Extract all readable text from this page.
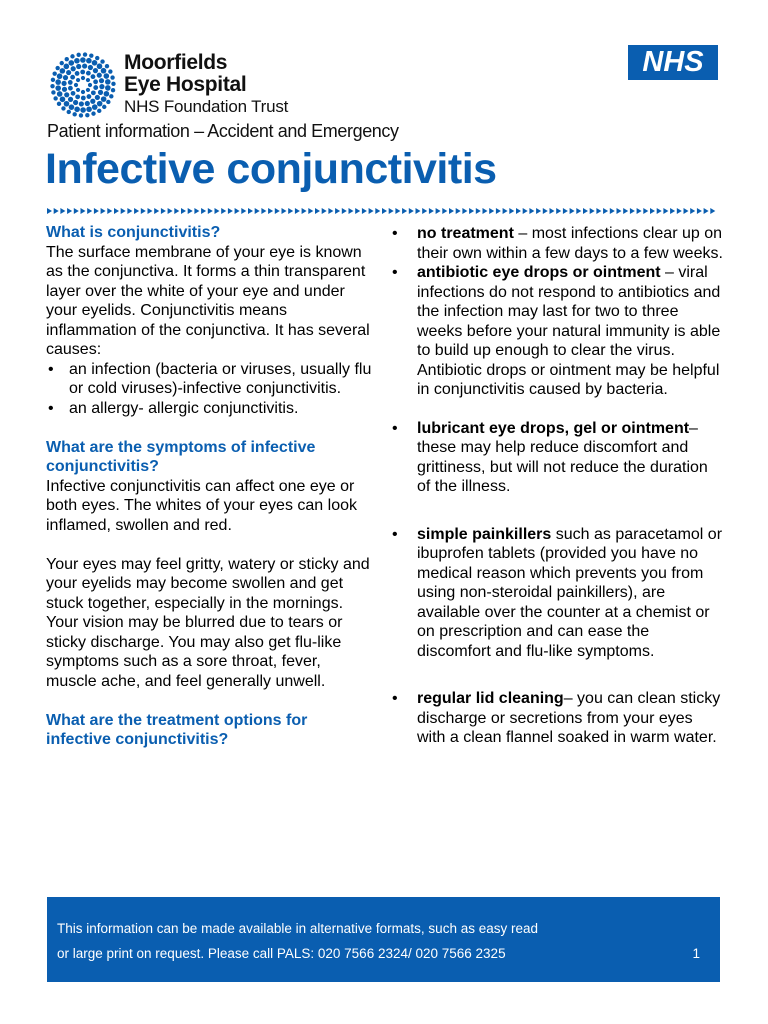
Moorfields
Eye Hospital
NHS Foundation Trust
NHS
Patient information – Accident and Emergency
Infective conjunctivitis

What is conjunctivitis?

The surface membrane of your eye is known as the conjunctiva. It forms a thin transparent layer over the white of your eye and under your eyelids. Conjunctivitis means inflammation of the conjunctiva. It has several causes:

• an infection (bacteria or viruses, usually flu or cold viruses)-infective conjunctivitis.
• an allergy- allergic conjunctivitis.

What are the symptoms of infective conjunctivitis?

Infective conjunctivitis can affect one eye or both eyes. The whites of your eyes can look inflamed, swollen and red.

Your eyes may feel gritty, watery or sticky and your eyelids may become swollen and get stuck together, especially in the mornings. Your vision may be blurred due to tears or sticky discharge. You may also get flu-like symptoms such as a sore throat, fever, muscle ache, and feel generally unwell.

What are the treatment options for infective conjunctivitis?

• no treatment – most infections clear up on their own within a few days to a few weeks.
• antibiotic eye drops or ointment – viral infections do not respond to antibiotics and the infection may last for two to three weeks before your natural immunity is able to build up enough to clear the virus. Antibiotic drops or ointment may be helpful in conjunctivitis caused by bacteria.
• lubricant eye drops, gel or ointment– these may help reduce discomfort and grittiness, but will not reduce the duration of the illness.
• simple painkillers such as paracetamol or ibuprofen tablets (provided you have no medical reason which prevents you from using non-steroidal painkillers), are available over the counter at a chemist or on prescription and can ease the discomfort and flu-like symptoms.
• regular lid cleaning– you can clean sticky discharge or secretions from your eyes with a clean flannel soaked in warm water.
This information can be made available in alternative formats, such as easy read
or large print on request. Please call PALS: 020 7566 2324/ 020 7566 2325	1
